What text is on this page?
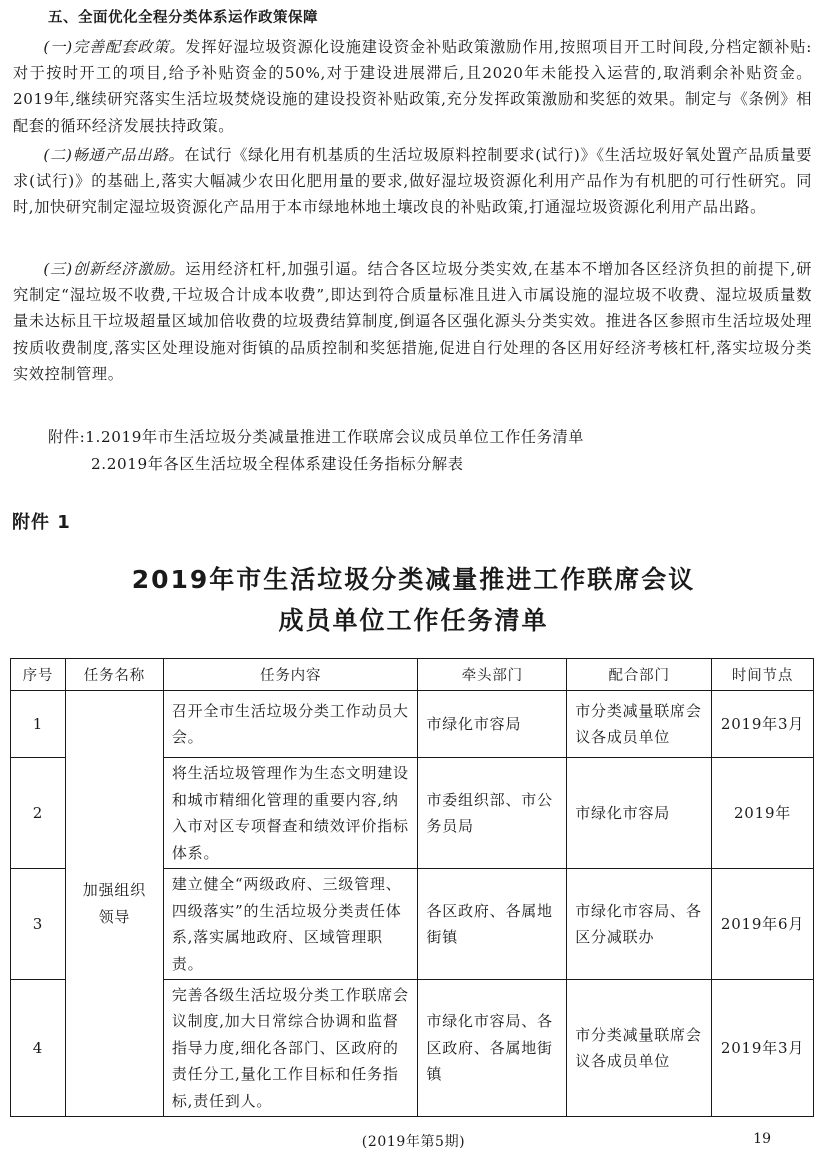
五、全面优化全程分类体系运作政策保障

(一)完善配套政策。发挥好湿垃圾资源化设施建设资金补贴政策激励作用,按照项目开工时间段,分档定额补贴:对于按时开工的项目,给予补贴资金的50%,对于建设进展滞后,且2020年未能投入运营的,取消剩余补贴资金。2019年,继续研究落实生活垃圾焚烧设施的建设投资补贴政策,充分发挥政策激励和奖惩的效果。制定与《条例》相配套的循环经济发展扶持政策。

(二)畅通产品出路。在试行《绿化用有机基质的生活垃圾原料控制要求(试行)》《生活垃圾好氧处置产品质量要求(试行)》的基础上,落实大幅减少农田化肥用量的要求,做好湿垃圾资源化利用产品作为有机肥的可行性研究。同时,加快研究制定湿垃圾资源化产品用于本市绿地林地土壤改良的补贴政策,打通湿垃圾资源化利用产品出路。

(三)创新经济激励。运用经济杠杆,加强引逼。结合各区垃圾分类实效,在基本不增加各区经济负担的前提下,研究制定“湿垃圾不收费,干垃圾合计成本收费”,即达到符合质量标准且进入市属设施的湿垃圾不收费、湿垃圾质量数量未达标且干垃圾超量区域加倍收费的垃圾费结算制度,倒逼各区强化源头分类实效。推进各区参照市生活垃圾处理按质收费制度,落实区处理设施对街镇的品质控制和奖惩措施,促进自行处理的各区用好经济考核杠杆,落实垃圾分类实效控制管理。

附件:1.2019年市生活垃圾分类减量推进工作联席会议成员单位工作任务清单
2.2019年各区生活垃圾全程体系建设任务指标分解表
附件 1
2019年市生活垃圾分类减量推进工作联席会议
成员单位工作任务清单
序号	任务名称	任务内容	牵头部门	配合部门	时间节点
1	加强组织领导	召开全市生活垃圾分类工作动员大会。	市绿化市容局	市分类减量联席会议各成员单位	2019年3月
2		将生活垃圾管理作为生态文明建设和城市精细化管理的重要内容,纳入市对区专项督查和绩效评价指标体系。	市委组织部、市公务员局	市绿化市容局	2019年
3		建立健全“两级政府、三级管理、四级落实”的生活垃圾分类责任体系,落实属地政府、区域管理职责。	各区政府、各属地街镇	市绿化市容局、各区分减联办	2019年6月
4		完善各级生活垃圾分类工作联席会议制度,加大日常综合协调和监督指导力度,细化各部门、区政府的责任分工,量化工作目标和任务指标,责任到人。	市绿化市容局、各区政府、各属地街镇	市分类减量联席会议各成员单位	2019年3月
(2019年第5期)	19
